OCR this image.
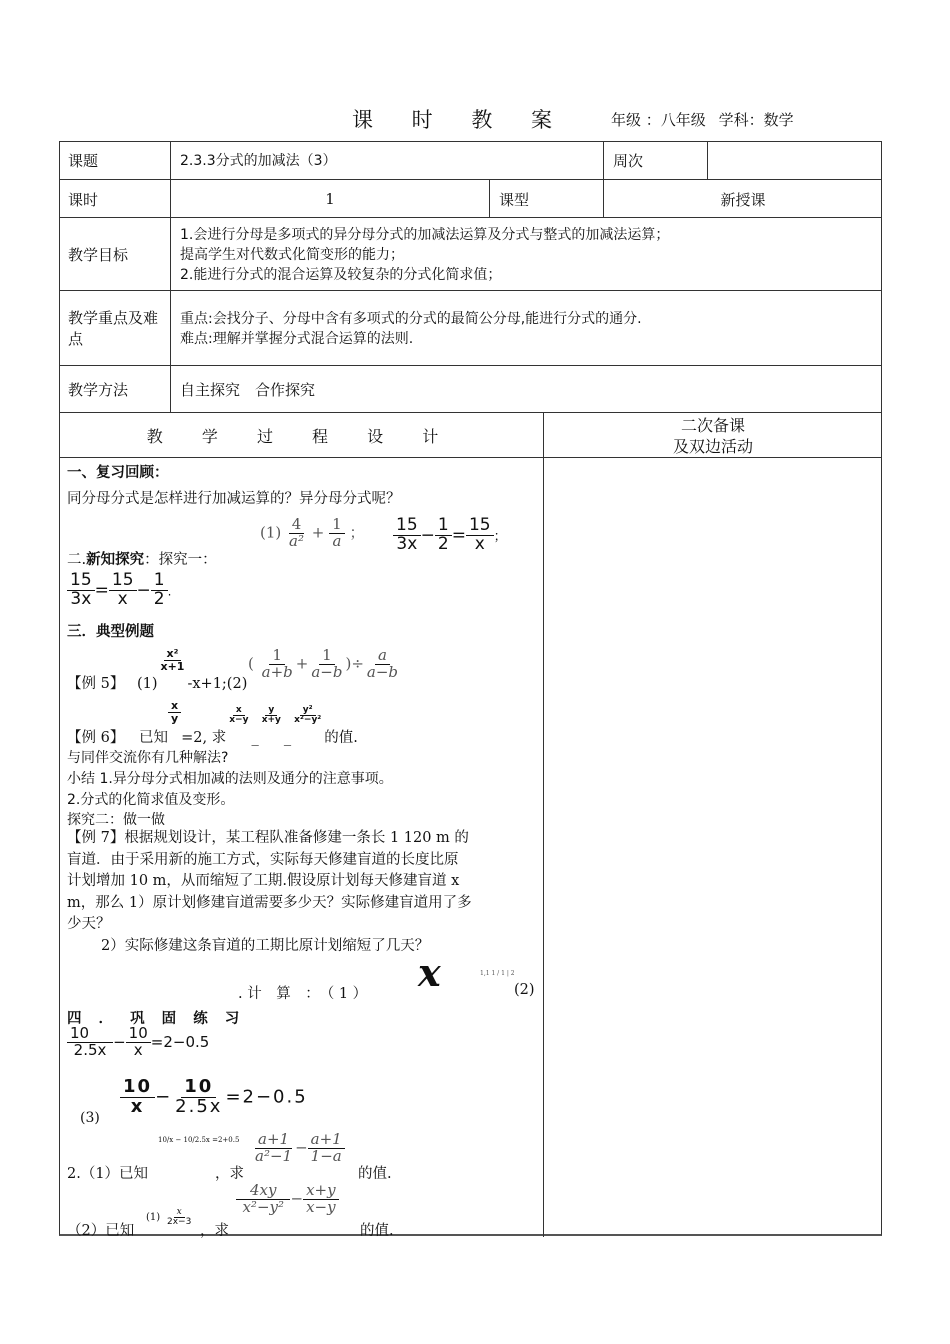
课 时 教 案	年级 ：八年级 学科：数学
课题	2.3.3分式的加减法（3）	周次
课时	1	课型	新授课
教学目标
1.会进行分母是多项式的异分母分式的加减法运算及分式与整式的加减法运算；
提高学生对代数式化简变形的能力；
2.能进行分式的混合运算及较复杂的分式化简求值；
教学重点及难点
重点:会找分子、分母中含有多项式的分式的最简公分母,能进行分式的通分.
难点:理解并掌握分式混合运算的法则.
教学方法	自主探究　合作探究
教 学 过 程 设 计
二次备课
及双边活动
一、复习回顾：
同分母分式是怎样进行加减运算的？异分母分式呢？
二.新知探究：探究一：
$(1) \frac{4}{\text{a²}} + \frac{1}{a}$ ； $\frac{15}{3x} - \frac{1}{2} = \frac{15}{x}$ ；
$\frac{15}{3x} = \frac{15}{x} - \frac{1}{2}$ .
三．典型例题
【例 5】 (1)
$\frac{\text{x²}}{x+1}$
-x+1;(2)
( $\frac{1}{a+b} + \frac{1}{a-b}$ )÷ $\frac{a}{a-b}$
【例 6】 已知
$\frac{x}{y}$
=2, 求
$\frac{x}{x-y}$
_
$\frac{y}{x+y}$
_
$\frac{\text{y²}}{\text{x²−y²}}$
的值.
与同伴交流你有几种解法?
小结 1.异分母分式相加减的法则及通分的注意事项。
2.分式的化简求值及变形。
探究二：做一做
【例 7】根据规划设计，某工程队准备修建一条长 1 120 m 的
盲道．由于采用新的施工方式，实际每天修建盲道的长度比原
计划增加 10 m，从而缩短了工期.假设原计划每天修建盲道 x
m，那么 1）原计划修建盲道需要多少天？实际修建盲道用了多
少天？
2）实际修建这条盲道的工期比原计划缩短了几天？
. 计　算　：　（ 1 ） x	1,1 1 / 1 | 2
(2)
四 ． 巩 固 练 习
$\frac{10}{2.5x} - \frac{10}{x} =2-0.5$
(3)
$\frac{10}{x} - \frac{10}{2.5x} =2-0.5$
2.（1）已知
10/x − 10/2.5x =2+0.5
，求
$\frac{a+1}{\text{a²−1}} - \frac{a+1}{1-a}$
的值.
（2）已知
$(1) \frac{x}{2x-3}$
，求
$\frac{4xy}{\text{x²−y²}} - \frac{x+y}{x-y}$
的值.
